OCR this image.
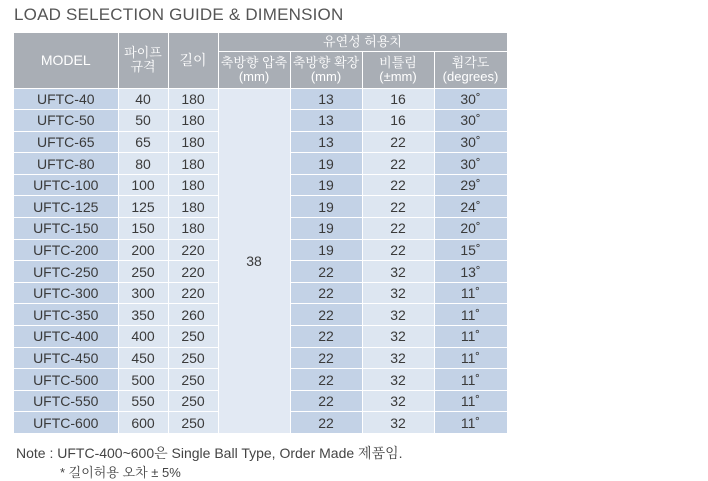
LOAD SELECTION GUIDE & DIMENSION
MODEL	파이프 규격	길이	유연성 허용치			
			축방향 압축(mm)	축방향 확장(mm)	비틀림 (±mm)	휨각도 (degrees)
UFTC-40	40	180	38	13	16	30˚
UFTC-50	50	180		13	16	30˚
UFTC-65	65	180		13	22	30˚
UFTC-80	80	180		19	22	30˚
UFTC-100	100	180		19	22	29˚
UFTC-125	125	180		19	22	24˚
UFTC-150	150	180		19	22	20˚
UFTC-200	200	220		19	22	15˚
UFTC-250	250	220		22	32	13˚
UFTC-300	300	220		22	32	11˚
UFTC-350	350	260		22	32	11˚
UFTC-400	400	250		22	32	11˚
UFTC-450	450	250		22	32	11˚
UFTC-500	500	250		22	32	11˚
UFTC-550	550	250		22	32	11˚
UFTC-600	600	250		22	32	11˚
Note : UFTC-400~600은 Single Ball Type, Order Made 제품임.
* 길이허용 오차 ± 5%
